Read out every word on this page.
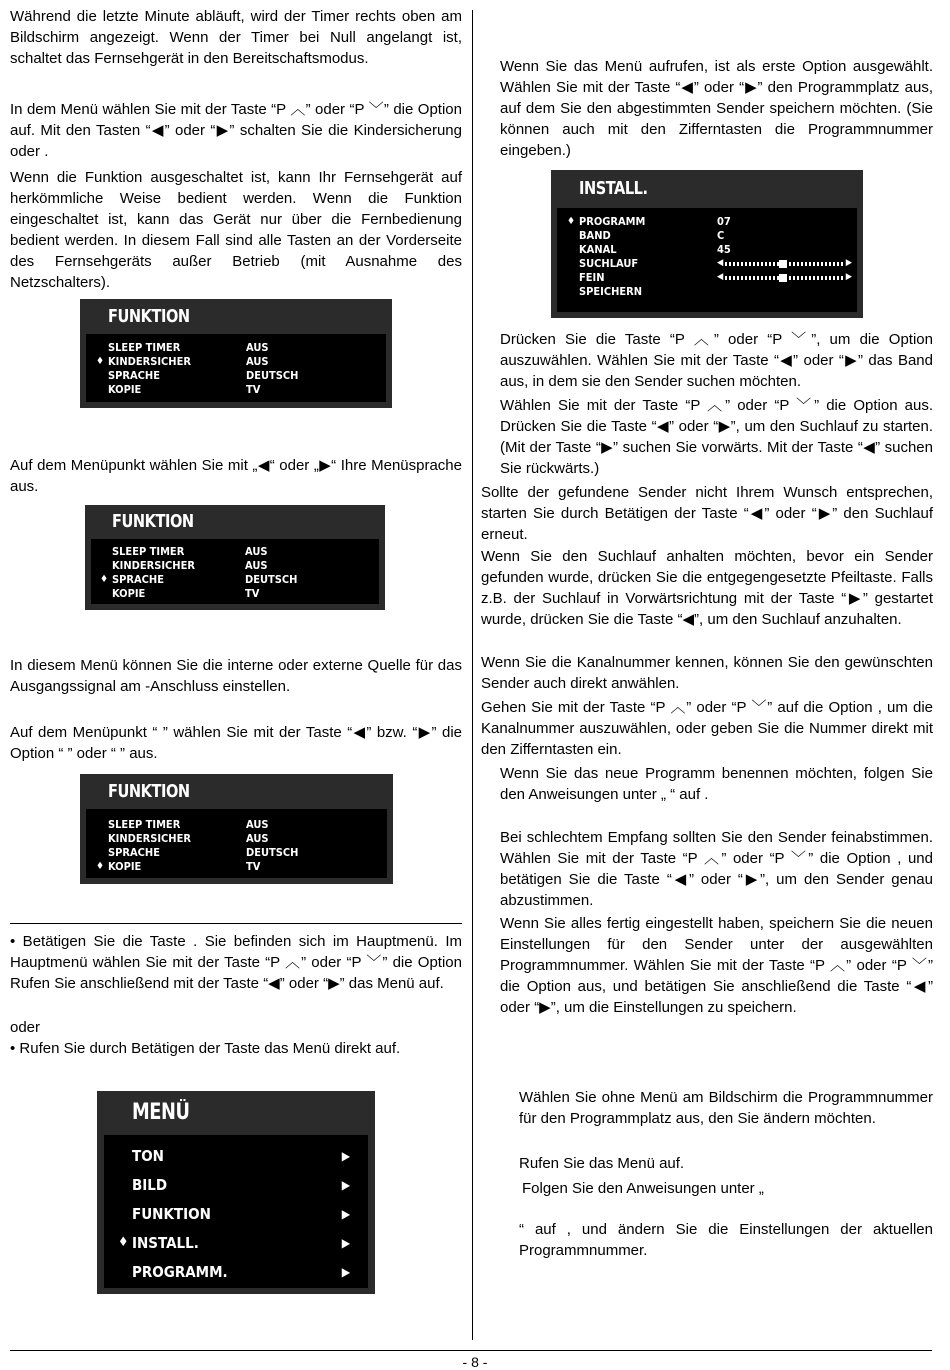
Während die letzte Minute abläuft, wird der Timer rechts oben am Bildschirm angezeigt. Wenn der Timer bei Null angelangt ist, schaltet das Fernsehgerät in den Bereitschaftsmodus.

In dem Menü wählen Sie mit der Taste “P ︿” oder “P ﹀” die Option auf. Mit den Tasten “◀” oder “▶” schalten Sie die Kindersicherung oder .

Wenn die Funktion ausgeschaltet ist, kann Ihr Fernsehgerät auf herkömmliche Weise bedient werden. Wenn die Funktion eingeschaltet ist, kann das Gerät nur über die Fernbedienung bedient werden. In diesem Fall sind alle Tasten an der Vorderseite des Fernsehgeräts außer Betrieb (mit Ausnahme des Netzschalters).

FUNKTION
SLEEP TIMER	AUS
♦ KINDERSICHER	AUS
SPRACHE	DEUTSCH
KOPIE	TV

Auf dem Menüpunkt wählen Sie mit „◀“ oder „▶“ Ihre Menüsprache aus.

FUNKTION
SLEEP TIMER	AUS
KINDERSICHER	AUS
♦ SPRACHE	DEUTSCH
KOPIE	TV

In diesem Menü können Sie die interne oder externe Quelle für das Ausgangssignal am -Anschluss einstellen.

Auf dem Menüpunkt “ ” wählen Sie mit der Taste “◀” bzw. “▶” die Option “ ” oder “ ” aus.

FUNKTION
SLEEP TIMER	AUS
KINDERSICHER	AUS
SPRACHE	DEUTSCH
♦ KOPIE	TV

• Betätigen Sie die Taste . Sie befinden sich im Hauptmenü. Im Hauptmenü wählen Sie mit der Taste “P ︿” oder “P ﹀” die Option Rufen Sie anschließend mit der Taste “◀” oder “▶” das Menü auf.

oder

• Rufen Sie durch Betätigen der Taste das Menü direkt auf.

MENÜ
TON	▶
BILD	▶
FUNKTION	▶
♦ INSTALL.	▶
PROGRAMM.	▶

Wenn Sie das Menü aufrufen, ist als erste Option ausgewählt. Wählen Sie mit der Taste “◀” oder “▶” den Programmplatz aus, auf dem Sie den abgestimmten Sender speichern möchten. (Sie können auch mit den Zifferntasten die Programmnummer eingeben.)

INSTALL.
♦ PROGRAMM	07
BAND	C
KANAL	45
SUCHLAUF	◀	▶
FEIN	◀	▶
SPEICHERN

Drücken Sie die Taste “P ︿” oder “P ﹀”, um die Option auszuwählen. Wählen Sie mit der Taste “◀” oder “▶” das Band aus, in dem sie den Sender suchen möchten.

Wählen Sie mit der Taste “P ︿” oder “P ﹀” die Option aus. Drücken Sie die Taste “◀” oder “▶”, um den Suchlauf zu starten. (Mit der Taste “▶” suchen Sie vorwärts. Mit der Taste “◀” suchen Sie rückwärts.)

Sollte der gefundene Sender nicht Ihrem Wunsch entsprechen, starten Sie durch Betätigen der Taste “◀” oder “▶” den Suchlauf erneut.

Wenn Sie den Suchlauf anhalten möchten, bevor ein Sender gefunden wurde, drücken Sie die entgegengesetzte Pfeiltaste. Falls z.B. der Suchlauf in Vorwärtsrichtung mit der Taste “▶” gestartet wurde, drücken Sie die Taste “◀”, um den Suchlauf anzuhalten.

Wenn Sie die Kanalnummer kennen, können Sie den gewünschten Sender auch direkt anwählen.

Gehen Sie mit der Taste “P ︿” oder “P ﹀” auf die Option , um die Kanalnummer auszuwählen, oder geben Sie die Nummer direkt mit den Zifferntasten ein.

Wenn Sie das neue Programm benennen möchten, folgen Sie den Anweisungen unter „ “ auf .

Bei schlechtem Empfang sollten Sie den Sender feinabstimmen. Wählen Sie mit der Taste “P ︿” oder “P ﹀” die Option , und betätigen Sie die Taste “◀” oder “▶”, um den Sender genau abzustimmen.

Wenn Sie alles fertig eingestellt haben, speichern Sie die neuen Einstellungen für den Sender unter der ausgewählten Programmnummer. Wählen Sie mit der Taste “P ︿” oder “P ﹀” die Option aus, und betätigen Sie anschließend die Taste “◀” oder “▶”, um die Einstellungen zu speichern.

Wählen Sie ohne Menü am Bildschirm die Programmnummer für den Programmplatz aus, den Sie ändern möchten.

Rufen Sie das Menü auf.

Folgen Sie den Anweisungen unter „

“ auf , und ändern Sie die Einstellungen der aktuellen Programmnummer.

- 8 -
